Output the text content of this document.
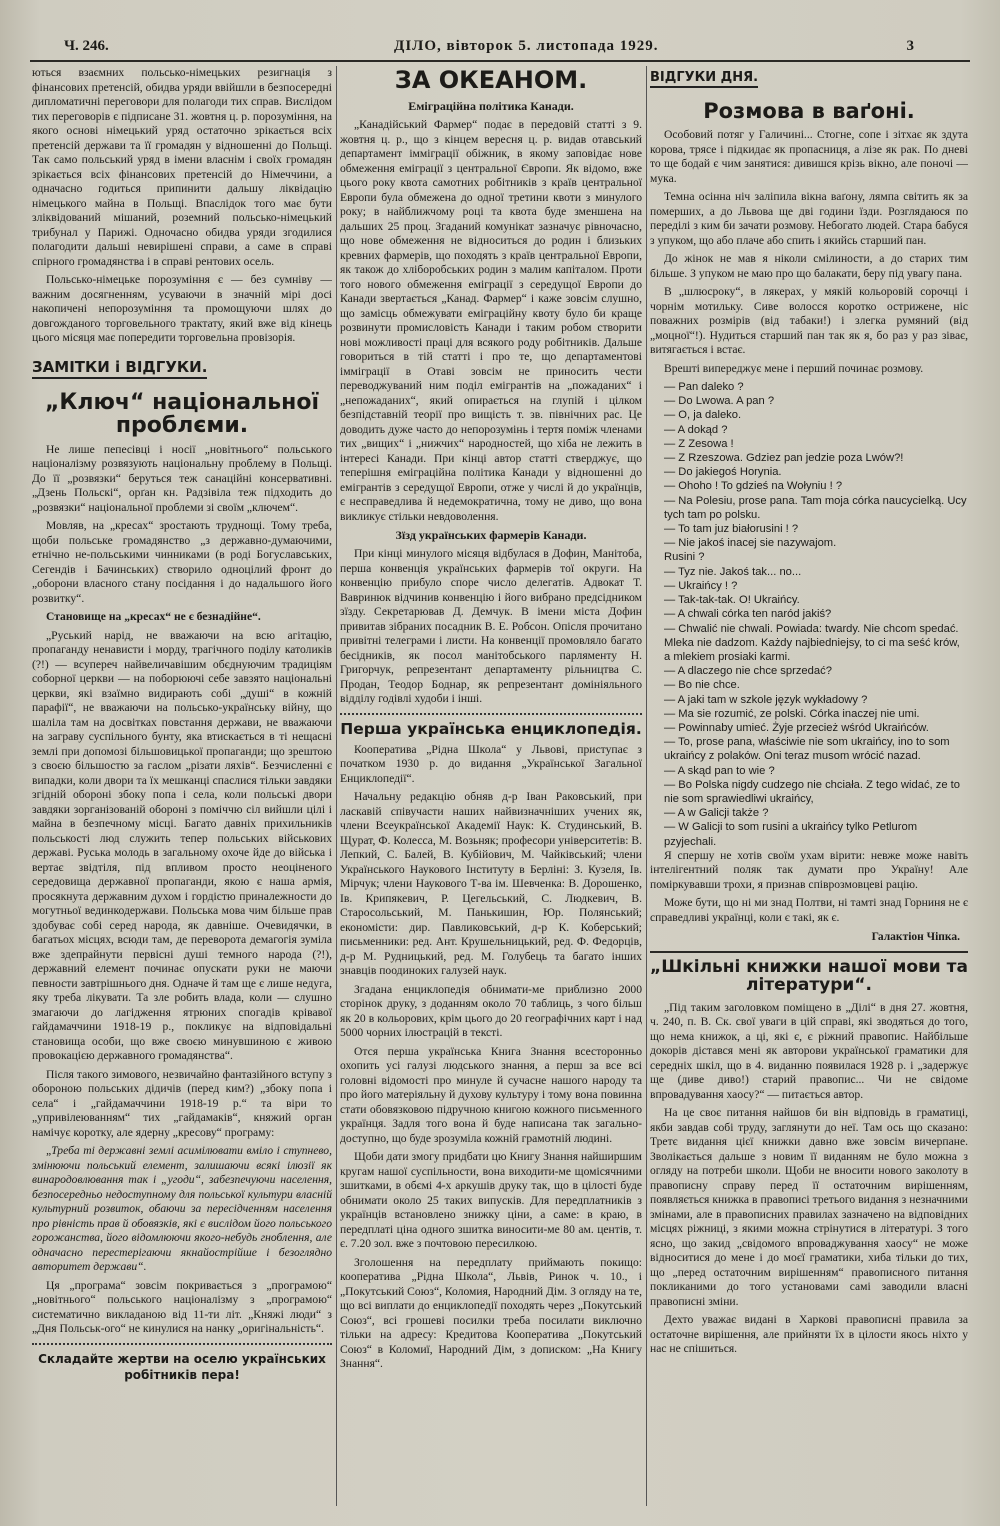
Ч. 246.	ДІЛО, вівторок 5. листопада 1929.	3

ються взаємних польсько-німецьких резигнація з фінансових претенсій, обидва уряди ввійшли в безпосередні дипломатичні переговори для полагоди тих справ. Вислідом тих переговорів є підписане 31. жовтня ц. р. порозуміння, на якого основі німецький уряд остаточно зрікається всіх претенсій держави та її громадян у відношенні до Польщі. Так само польський уряд в імени власнім і своїх громадян зрікається всіх фінансових претенсій до Німеччини, а одначасно годиться припинити дальшу ліквідацію німецького майна в Польщі. Впаслідок того має бути зліквідований мішаний, роземний польсько-німецький трибунал у Парижі. Одночасно обидва уряди згодилися полагодити дальші невирішені справи, а саме в справі спірного громадянства і в справі рентових осель.

Польсько-німецьке порозуміння є — без сумніву — важним досягненням, усуваючи в значній мірі досі накопичені непорозуміння та промощуючи шлях до довгожданого торговельного трактату, який вже від кінець цього місяця має попередити торговельна провізорія.

ЗАМІТКИ і ВІДГУКИ.
„Ключ“ національної проблєми.

Не лише пепесівці і носії „новітнього“ польського націоналізму розвязують національну проблему в Польщі. До її „розвязки“ беруться теж санаційні консервативні. „Дзень Польскі“, орґан кн. Радзівіла теж підходить до „розвязки“ національної проблеми зі своїм „ключем“.

Мовляв, на „кресах“ зростають труднощі. Тому треба, щоби польське громадянство „з державно-думаючими, етнічно не-польськими чинниками (в роді Богуславських, Сегендів і Бачинських) створило одноцілий фронт до „оборони власного стану посідання і до надальшого його розвитку“.

Становище на „кресах“ не є безнадійне“.

„Руський нарід, не вважаючи на всю агітацію, пропаганду ненависти і морду, трагічного поділу католиків (?!) — всупереч найвеличавішим обєднуючим традиціям соборної церкви — на поборюючі себе завзято національні церкви, які взаїмно видирають собі „душі“ в кожній парафії“, не вважаючи на польсько-українську війну, що шаліла там на досвітках повстання держави, не вважаючи на заграву суспільного бунту, яка втискається в ті нещасні землі при допомозі більшовицької пропаганди; що зрештою з своєю більшостю за гаслом „різати ляхів“. Безчисленні є випадки, коли двори та їх мешканці спаслися тільки завдяки згідній обороні збоку попа і села, коли польські двори завдяки зорганізованій обороні з поміччю сіл вийшли цілі і майна в безпечному місці. Багато давніх прихильників польськості люд служить тепер польських військових державі. Руська молодь в загальному охоче йде до війська і вертає звідтіля, під впливом просто неоціненого середовища державної пропаганди, якою є наша армія, просякнута державним духом і гордістю приналежности до могутньої вединкодержави. Польська мова чим більше прав здобуває собі серед народа, як давніше. Очевидячки, в багатьох місцях, всюди там, де переворота демагогія зуміла вже здепрайнути первісні душі темного народа (?!), державний елемент починає опускати руки не маючи певности завтрішнього дня. Одначе й там ще є лише недуга, яку треба лікувати. Та зле робить влада, коли — слушно змагаючи до лагідження ятрюних спогадів крівавої гайдамаччини 1918-19 р., покликує на відповідальні становища особи, що вже своєю минувшиною є живою провокацією державного громадянства“.

Після такого зимового, незвичайно фантазійного вступу з обороною польських дідичів (перед ким?) „збоку попа і села“ і „гайдамаччини 1918-19 р.“ та віри то „упривілеюванням“ тих „гайдамаків“, княжий орган намічує коротку, але ядерну „кресову“ програму:

„Треба ті державні землі асимілювати вміло і ступнево, змінюючи польський елемент, залишаючи всякі ілюзії як винародовлювання так і „угоди“, забезпечуючи населення, безпосередньо недоступному для польської культури власній культурний розвиток, обаючи за пересідченням населення про рівність прав й обовязків, які є вислідом його польського горожанства, його відомлюючи якого-небудь гноблення, але одначасно перестерігаючи якнайострійше і безоглядно авторитет держави“.

Ця „програма“ зовсім покривається з „програмою“ „новітнього“ польського націоналізму з „програмою“ систематично викладаною від 11-ти літ. „Княжі люди“ з „Дня Польськ-ого“ не кинулися на нанку „оригінальність“.

Складайте жертви на оселю українських робітників пера!
ЗА ОКЕАНОМ.
Еміграційна політика Канади.

„Канадійський Фармер“ подає в передовій статті з 9. жовтня ц. р., що з кінцем вересня ц. р. видав отавський департамент імміграції обіжник, в якому заповідає нове обмеження еміграції з центральної Європи. Як відомо, вже цього року квота самотних робітників з країв центральної Европи була обмежена до одної третини квоти з минулого року; в найближчому році та квота буде зменшена на дальших 25 проц. Згаданий комунікат зазначує рівночасно, що нове обмеження не відноситься до родин і близьких кревних фармерів, що походять з країв центральної Европи, як також до хліборобських родин з малим капіталом. Проти того нового обмеження еміграції з середущої Европи до Канади звертається „Канад. Фармер“ і каже зовсім слушно, що замісць обмежувати еміграційну квоту було би краще розвинути промисловість Канади і таким робом створити нові можливості праці для всякого роду робітників. Дальше говориться в тій статті і про те, що департаментові імміграції в Отаві зовсім не приносить чести переводжуваний ним поділ емігрантів на „пожаданих“ і „непожаданих“, який опирається на глупій і цілком безпідставній теорії про вищість т. зв. північних рас. Це доводить дуже часто до непорозумінь і тертя поміж членами тих „вищих“ і „нижчих“ народностей, що хіба не лежить в інтересі Канади. При кінці автор статті стверджує, що теперішня еміграційна політика Канади у відношенні до емігрантів з середущої Европи, отже у числі й до українців, є несправедлива й недемократична, тому не диво, що вона викликує стільки невдоволення.

Зїзд українських фармерів Канади.

При кінці минулого місяця відбулася в Дофин, Манітоба, перша конвенція українських фармерів тої округи. На конвенцію прибуло споре число делегатів. Адвокат Т. Вавринюк відчинив конвенцію і його вибрано предсідником зїзду. Секретарював Д. Демчук. В імени міста Дофин привитав зібраних посадник В. Е. Робсон. Опісля прочитано привітні телеграми і листи. На конвенції промовляло багато бесідників, як посол манітобського парляменту Н. Григорчук, репрезентант департаменту рільництва С. Продан, Теодор Боднар, як репрезентант домініяльного відділу годівлі худоби і інші.

Перша українська енциклопедія.

Кооператива „Рідна Школа“ у Львові, приступає з початком 1930 р. до видання „Української Загальної Енциклопедії“.

Начальну редакцію обняв д-р Іван Раковський, при ласкавій співучасти наших найвизначніших учених як, члени Всеукраїнської Академії Наук: К. Студинський, В. Щурат, Ф. Колесса, М. Возьняк; професори університетів: В. Лепкий, С. Балей, В. Кубійович, М. Чайківський; члени Українського Наукового Інституту в Берліні: З. Кузеля, Ів. Мірчук; члени Наукового Т-ва ім. Шевченка: В. Дорошенко, Ів. Крипякевич, Р. Цегельський, С. Людкевич, В. Старосольський, М. Панькишин, Юр. Полянський; економісти: дир. Павликовський, д-р К. Коберський; письменники: ред. Ант. Крушельницький, ред. Ф. Федорців, д-р М. Рудницький, ред. М. Голубець та багато інших знавців поодиноких галузей наук.

Згадана енциклопедія обнимати-ме приблизно 2000 сторінок друку, з доданням около 70 таблиць, з чого більш як 20 в кольорових, крім цього до 20 географічних карт і над 5000 чорних ілюстрацій в тексті.

Отся перша українська Книга Знання всесторонньо охопить усі галузі людського знання, а перш за все всі головні відомості про минуле й сучасне нашого народу та про його матеріяльну й духову культуру і тому вона повинна стати обовязковою підручною книгою кожного письменного українця. Задля того вона й буде написана так загально-доступно, що буде зрозуміла кожній грамотній людині.

Щоби дати змогу придбати цю Книгу Знання найширшим кругам нашої суспільности, вона виходити-ме щомісячними зшитками, в обємі 4-х аркушів друку так, що в цілості буде обнимати около 25 таких випусків. Для передплатників з українців встановлено знижку ціни, а саме: в краю, в передплаті ціна одного зшитка виносити-ме 80 ам. центів, т. є. 7.20 зол. вже з почтовою пересилкою.

Зголошення на передплату приймають покищо: кооператива „Рідна Школа“, Львів, Ринок ч. 10., і „Покутський Союз“, Коломия, Народний Дім. З огляду на те, що всі виплати до енциклопедії походять через „Покутський Союз“, всі грошеві посилки треба посилати виключно тільки на адресу: Кредитова Кооператива „Покутський Союз“ в Коломиї, Народний Дім, з дописком: „На Книгу Знання“.

ВІДГУКИ ДНЯ.
Розмова в ваґоні.

Особовий потяг у Галичині... Стогне, сопе і зітхає як здута корова, трясе і підкидає як пропасниця, а лізе як рак. По дневі то ще бодай є чим занятися: дивишся крізь вікно, але поночі — мука.

Темна осінна ніч заліпила вікна ваґону, лямпа світить як за померших, а до Львова ще дві години їзди. Розглядаюся по переділі з ким би зачати розмову. Небогато людей. Стара бабуся з упуком, що або плаче або спить і якийсь старший пан.

До жінок не мав я ніколи смілиности, а до старих тим більше. З упуком не маю про що балакати, беру під увагу пана.

В „шлюсроку“, в лякерах, у мякій кольоровій сорочці і чорнім мотильку. Сиве волосся коротко острижене, ніс поважних розмірів (від табаки!) і злегка румяний (від „моцної“!). Нудиться старший пан так як я, бо раз у раз зіває, витягається і встає.

Врешті випереджує мене і перший починає розмову.

— Pan daleko ?

— Do Lwowa. A pan ?

— O, ja daleko.

— A dokąd ?

— Z Zesowa !

— Z Rzeszowa. Gdziez pan jedzie poza Lwów?!

— Do jakiegoś Horynia.

— Ohoho ! To gdzieś na Wołyniu ! ?

— Na Polesiu, prose pana. Tam moja córka naucycielką. Ucy tych tam po polsku.

— To tam juz białorusini ! ?

— Nie jakoś inacej sie nazywajom.

Rusini ?

— Tyz nie. Jakoś tak... no...

— Ukraińcy ! ?

— Tak-tak-tak. O! Ukraińcy.

— A chwali córka ten naród jakiś?

— Chwalić nie chwali. Powiada: twardy. Nie chcom spedać. Mleka nie dadzom. Każdy najbiedniejsy, to ci ma seść krów, a mlekiem prosiaki karmi.

— A dlaczego nie chce sprzedać?

— Bo nie chce.

— A jaki tam w szkole język wykładowy ?

— Ma sie rozumić, ze polski. Córka inaczej nie umi.

— Powinnaby umieć. Żyje przecież wśród Ukraińców.

— To, prose pana, właściwie nie som ukraińcy, ino to som ukraińcy z polaków. Oni teraz musom wrócić nazad.

— A skąd pan to wie ?

— Bo Polska nigdy cudzego nie chciała. Z tego widać, ze to nie som sprawiedliwi ukraińcy,

— A w Galicji także ?

— W Galicji to som rusini a ukraińcy tylko Petlurom pzyjechali.

Я спершу не хотів своїм ухам вірити: невже може навіть інтелігентний поляк так думати про Україну! Але поміркувавши трохи, я признав співрозмовцеві рацію.

Може бути, що ні ми знад Полтви, ні тамті знад Горниня не є справедливі українці, коли є такі, як є.

Галактіон Чіпка.
„Шкільні книжки нашої мови та літератури“.

„Під таким заголовком поміщено в „Ділі“ в дня 27. жовтня, ч. 240, п. В. Ск. свої уваги в цій справі, які зводяться до того, що нема книжок, а ці, які є, є ріжний правопис. Найбільше докорів дістався мені як авторови української граматики для середніх шкіл, що в 4. виданню появилася 1928 р. і „задержує ще (диве диво!) старий правопис... Чи не свідоме впровадування хаосу?“ — питається автор.

На це своє питання найшов би він відповідь в граматиці, якби завдав собі труду, заглянути до неї. Там ось що сказано: Третє видання цієї книжки давно вже зовсім вичерпане. Зволікається дальше з новим її виданням не було можна з огляду на потреби школи. Щоби не вносити нового заколоту в правописну справу перед її остаточним вирішенням, появляється книжка в правописі третього видання з незначними змінами, але в правописних правилах зазначено на відповідних місцях ріжниці, з якими можна стрінутися в літературі. З того ясно, що закид „свідомого впроваджування хаосу“ не може відноситися до мене і до моєї граматики, хиба тільки до тих, що „перед остаточним вирішенням“ правописного питання покликаними до того установами самі заводили власні правописні зміни.

Дехто уважає видані в Харкові правописні правила за остаточне вирішення, але прийняти їх в цілости якось ніхто у нас не спішиться.
